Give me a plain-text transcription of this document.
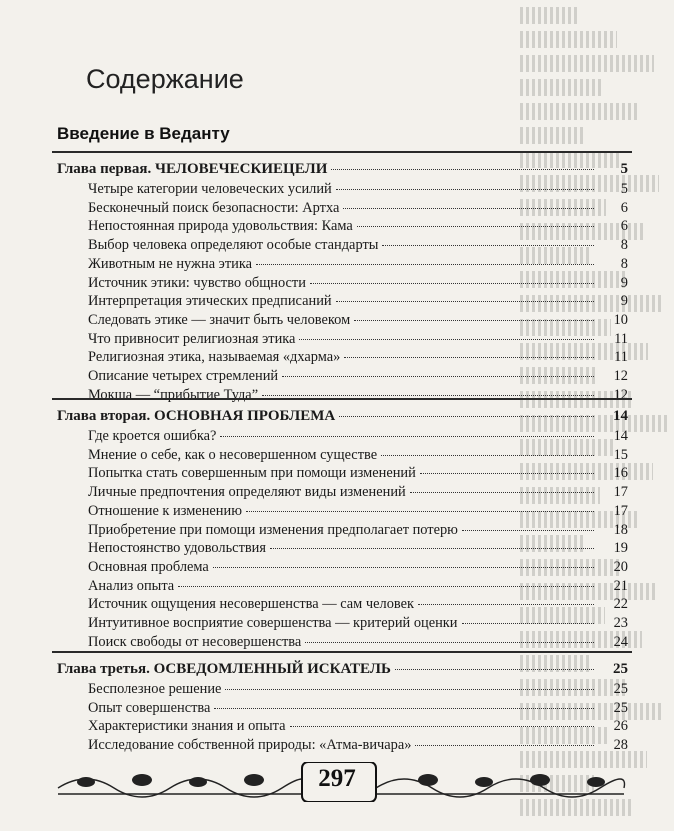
Содержание
Введение в Веданту
Глава первая. ЧЕЛОВЕЧЕСКИЕЦЕЛИ	5
Четыре категории человеческих усилий	5
Бесконечный поиск безопасности: Артха	6
Непостоянная природа удовольствия: Кама	6
Выбор человека определяют особые стандарты	8
Животным не нужна этика	8
Источник этики: чувство общности	9
Интерпретация этических предписаний	9
Следовать этике — значит быть человеком	10
Что привносит религиозная этика	11
Религиозная этика, называемая «дхарма»	11
Описание четырех стремлений	12
Мокша — “прибытие Туда”	12
Глава вторая. ОСНОВНАЯ ПРОБЛЕМА	14
Где кроется ошибка?	14
Мнение о себе, как о несовершенном существе	15
Попытка стать совершенным при помощи изменений	16
Личные предпочтения определяют виды изменений	17
Отношение к изменению	17
Приобретение при помощи изменения предполагает потерю	18
Непостоянство удовольствия	19
Основная проблема	20
Анализ опыта	21
Источник ощущения несовершенства — сам человек	22
Интуитивное восприятие совершенства — критерий оценки	23
Поиск свободы от несовершенства	24
Глава третья. ОСВЕДОМЛЕННЫЙ ИСКАТЕЛЬ	25
Бесполезное решение	25
Опыт совершенства	25
Характеристики знания и опыта	26
Исследование собственной природы: «Атма-вичара»	28
297
